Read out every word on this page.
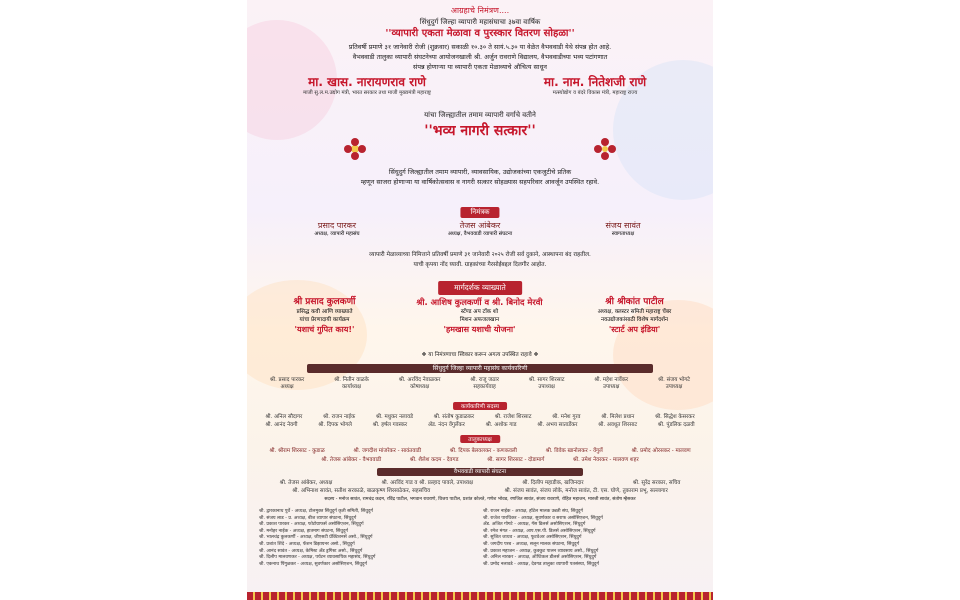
आग्रहाचे निमंत्रण....
सिंधुदुर्ग जिल्हा व्यापारी महासंघाचा ३७वा वार्षिक
''व्यापारी एकता मेळावा व पुरस्कार वितरण सोहळा''
प्रतिवर्षी प्रमाणे ३१ जानेवारी रोजी (शुक्रवार) सकाळी १०.३० ते सायं.५.३० या वेळेत वैभववाडी येथे संपन्न होत आहे.
वैभववाडी तालुका व्यापारी संघटनेच्या आयोजनखाली श्री. अर्जुन रावराणे विद्यालय, वैभववाडीच्या भव्य पटांगणात
संपन्न होणाऱ्या या व्यापारी एकता मेळाव्याचे औचित्य साधून
मा. खास. नारायणराव राणे
माजी सु.ल.म.उद्योग मंत्री, भारत सरकार तथा माजी मुख्यमंत्री महाराष्ट्र
मा. नाम. नितेशजी राणे
मत्स्योद्योग व बंदरे विकास मंत्री, महाराष्ट्र राज्य
यांचा जिल्ह्यातील तमाम व्यापारी वर्गाचे वतीने
''भव्य नागरी सत्कार''
सिंधुदुर्ग जिल्ह्यातील तमाम व्यापारी, व्यावसायिक, उद्योजकांच्या एकजुटीचे प्रतिक
म्हणून साजरा होणाऱ्या या वार्षिकोत्सवास व नागरी सत्कार सोहळ्यास सहपरिवार आवर्जून उपस्थित रहावे.
निमंत्रक
प्रसाद पारकर
अध्यक्ष, व्यापारी महासंघ
तेजस आंबेकर
अध्यक्ष, वैभववाडी व्यापारी संघटना
संजय सावंत
स्वागताध्यक्ष
व्यापारी मेळाव्याच्या निमित्ताने प्रतिवर्षी प्रमाणे ३१ जानेवारी २०२५ रोजी सर्व दुकाने, आस्थापना बंद राहतील.
याची कृपया नोंद घ्यावी. ग्राहकांच्या गैरसोईबद्दल दिलगीर आहोत.
मार्गदर्शक व्याख्याते
श्री प्रसाद कुलकर्णी
प्रसिद्ध कवी आणि व्याख्याते
यांचा प्रेरणादायी कार्यक्रम
'यशाचं गुपित काय!'
श्री. आशिष कुलकर्णी व श्री. बिनोद मेरवी
स्टॅण्ड अप टॉक शो
मिशन अफजलखान
'हमखास यशाची योजना'
श्री श्रीकांत पाटील
अध्यक्ष, क्लस्टर समिती महाराष्ट्र चेंबर
नवउद्योजकांसाठी विशेष मार्गदर्शन
'स्टार्ट अप इंडिया'
❖ या निमंत्रणाचा स्विकार करून अगत्य उपस्थित राहावे ❖
सिंधुदुर्ग जिल्हा व्यापारी महासंघ कार्यकारिणी
श्री. प्रसाद पारकर
अध्यक्ष
श्री. नितीन वाळके
कार्याध्यक्ष
श्री. अरविंद नेवाळकर
कोषाध्यक्ष
श्री. राजू जठार
सहकार्यवाह
श्री. सागर शिरसाट
उपाध्यक्ष
श्री. महेश नार्वेकर
उपाध्यक्ष
श्री. संजय भोगटे
उपाध्यक्ष
कार्यकारिणी सदस्य
श्री. अनिल सौदागर	श्री. राजन नाईक	श्री. मधुकर नलावडे	श्री. संतोष कुडाळकर	श्री. राजेश शिरसाट	श्री. मनेश गुरव	श्री. मिलेश प्रधान	श्री. सिद्धेश केसरकर
श्री. आनंद नेवगी	श्री. दिपक भोगले	श्री. हर्षल गवस्कर	ॲड. नंदन वेंगुर्लेकर	श्री. अशोक गाड	श्री. अभय सातार्डेकर	श्री. अवधूत शिरसाट	श्री. पुंडलिक दळवी
तालुकाध्यक्ष
श्री. श्रीराम शिरसाट - कुडाळ	श्री. जगदीश मांजरेकर - सावंतवाडी	श्री. दिपक बेलवलकर - कणकवली	श्री. विवेक खानोलकर - वेंगुर्ले	श्री. प्रमोद ओरसकर - मालवण
श्री. तेजस आंबेकर - वैभववाडी	श्री. शैलेश कदम - देवगड	श्री. सागर शिरसाट - दोडामार्ग	श्री. उमेश नेवरकर - मालवण शहर
वैभववाडी व्यापारी संघटना
श्री. तेजस आंबेकर, अध्यक्ष	श्री. अरविंद गाड व श्री. प्रल्हाद पावले, उपाध्यक्ष	श्री. दिलीप महाडीक, खजिनदार	श्री. सुरेंद्र सरकार, सचिव
श्री. अभिनाश सावंत, सतीश सरकाळे, बाळकृष्ण शिरसाठेकर, सहसचिव	श्री. संजय सावंत, संजय लोके, मनोज सावंत, टी. एस. घोणे, तुकाराम प्रभू, सल्लागार
सदस्य - मनोज सावंत, रामचंद्र कदम, रविंद्र पाटील, भगवान रावराणे, विजय पाटील, प्रशांत कोलते, गणेश भोवड, रणजित सावंत, संजय रावराणे, रोहित महाजन, मारुती सावंत, संतोष म्हैसकर
श्री. द्वारकानाथ पुर्वे - अध्यक्ष, टोलमुक्त सिंधुदुर्ग कृती समिती, सिंधुदुर्ग
श्री. संजय लाड - प्र. अध्यक्ष, बीज व्यापार संघटना, सिंधुदुर्ग
श्री. प्रकाश पारकर - अध्यक्ष, फोटोग्राफर्स असोसिएशन, सिंधुदुर्ग
श्री. मनोहर नाईक - अध्यक्ष, हातमाग संघटना, सिंधुदुर्ग
श्री. भालचंद्र कुलकर्णी - अध्यक्ष, जीएसटी प्रॅक्टिशनर्स असो., सिंधुदुर्ग
श्री. प्रशांत शिंदे - अध्यक्ष, फॅशन डिझायनर असो., सिंधुदुर्ग
श्री. आनंद सावंत - अध्यक्ष, केमिस्ट अँड ड्रगिस्ट असो., सिंधुदुर्ग
श्री. दिलीप मालवणकर - अध्यक्ष, पर्यटन व्यावसायिक महासंघ, सिंधुदुर्ग
श्री. एकनाथ पिंगुळकर - अध्यक्ष, सुवर्णकार असोसिएशन, सिंधुदुर्ग
श्री. राजन नाईक - अध्यक्ष, हॉटेल मालक उन्नती संघ, सिंधुदुर्ग
श्री. राजेश पारधिकर - अध्यक्ष, सुवर्णकार व सराफ असोसिएशन, सिंधुदुर्ग
ॲड. अजित गोगटे - अध्यक्ष, गॅस डिलर्स असोसिएशन, सिंधुदुर्ग
श्री. रमेश मंगत - अध्यक्ष, आप.एस.पी. डिलर्स असोसिएशन, सिंधुदुर्ग
श्री. सुजित जाधव - अध्यक्ष, फूटवेअर असोसिएशन, सिंधुदुर्ग
श्री. जगदीप परब - अध्यक्ष, सलून मालक संघटना, सिंधुदुर्ग
श्री. प्रकाश महाजन - अध्यक्ष, कुक्कुट पालन व्यावसाय असो., सिंधुदुर्ग
श्री. अनिल नारकर - अध्यक्ष, ऑप्टिकल डीलर्स असोसिएशन, सिंधुदुर्ग
श्री. प्रमोद नलावडे - अध्यक्ष, देवगड तालुका व्यापारी पतसंस्था, सिंधुदुर्ग
